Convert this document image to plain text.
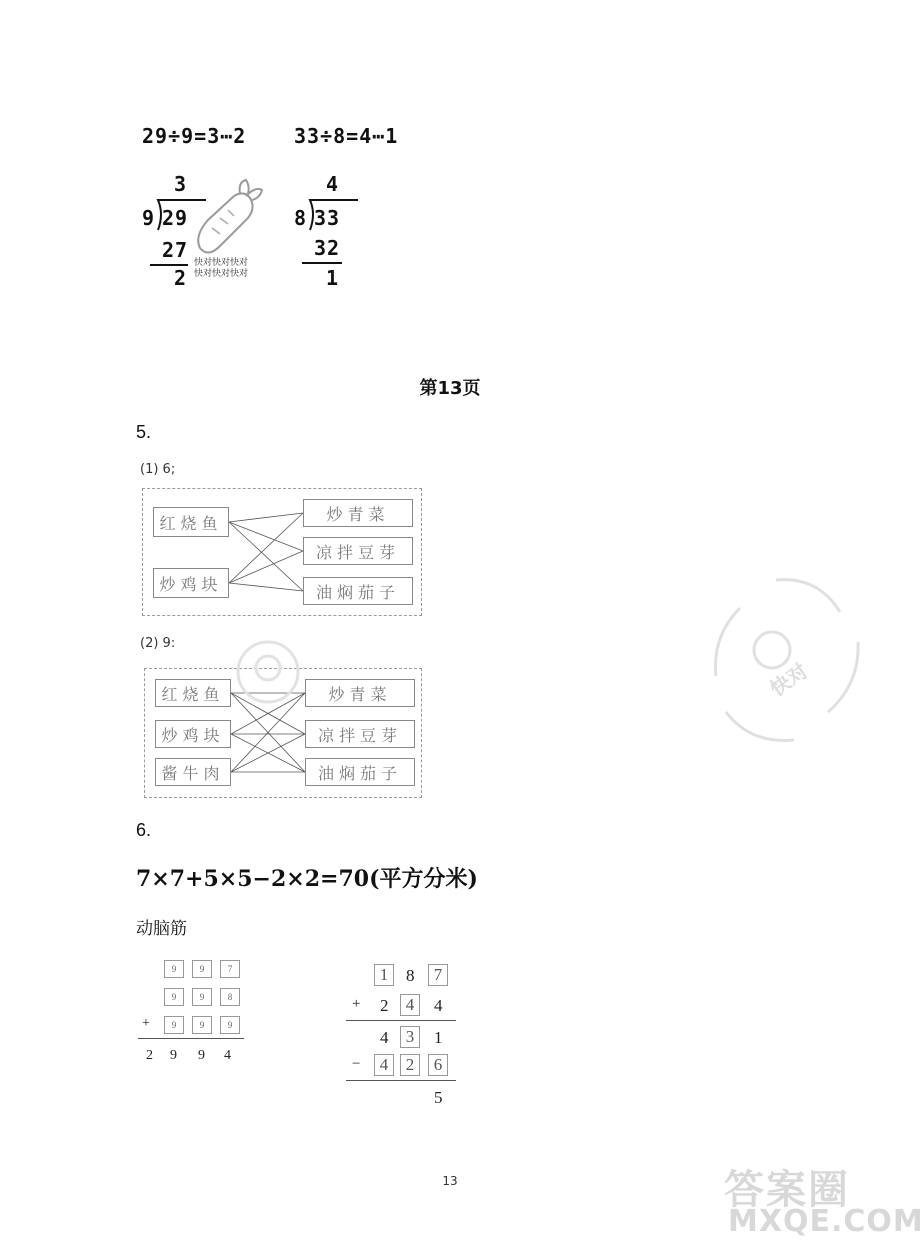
29÷9=3⋯2 33÷8=4⋯1
3
9 29
27
2
快对快对快对
快对快对快对
4
8 33
32
1
第13页
5.
(1) 6;
红烧鱼
炒鸡块
炒青菜
凉拌豆芽
油焖茄子
(2) 9:
红烧鱼
炒鸡块
酱牛肉
炒青菜
凉拌豆芽
油焖茄子
6.
7×7+5×5−2×2=70(平方分米)
动脑筋
9	9	7
9	9	8
+	9	9	9
2 9 9 4
1	8	7
+ 2	4	4
4	3	1
−	4	2	6
5
快对
13	答案圈
MXQE.COM
